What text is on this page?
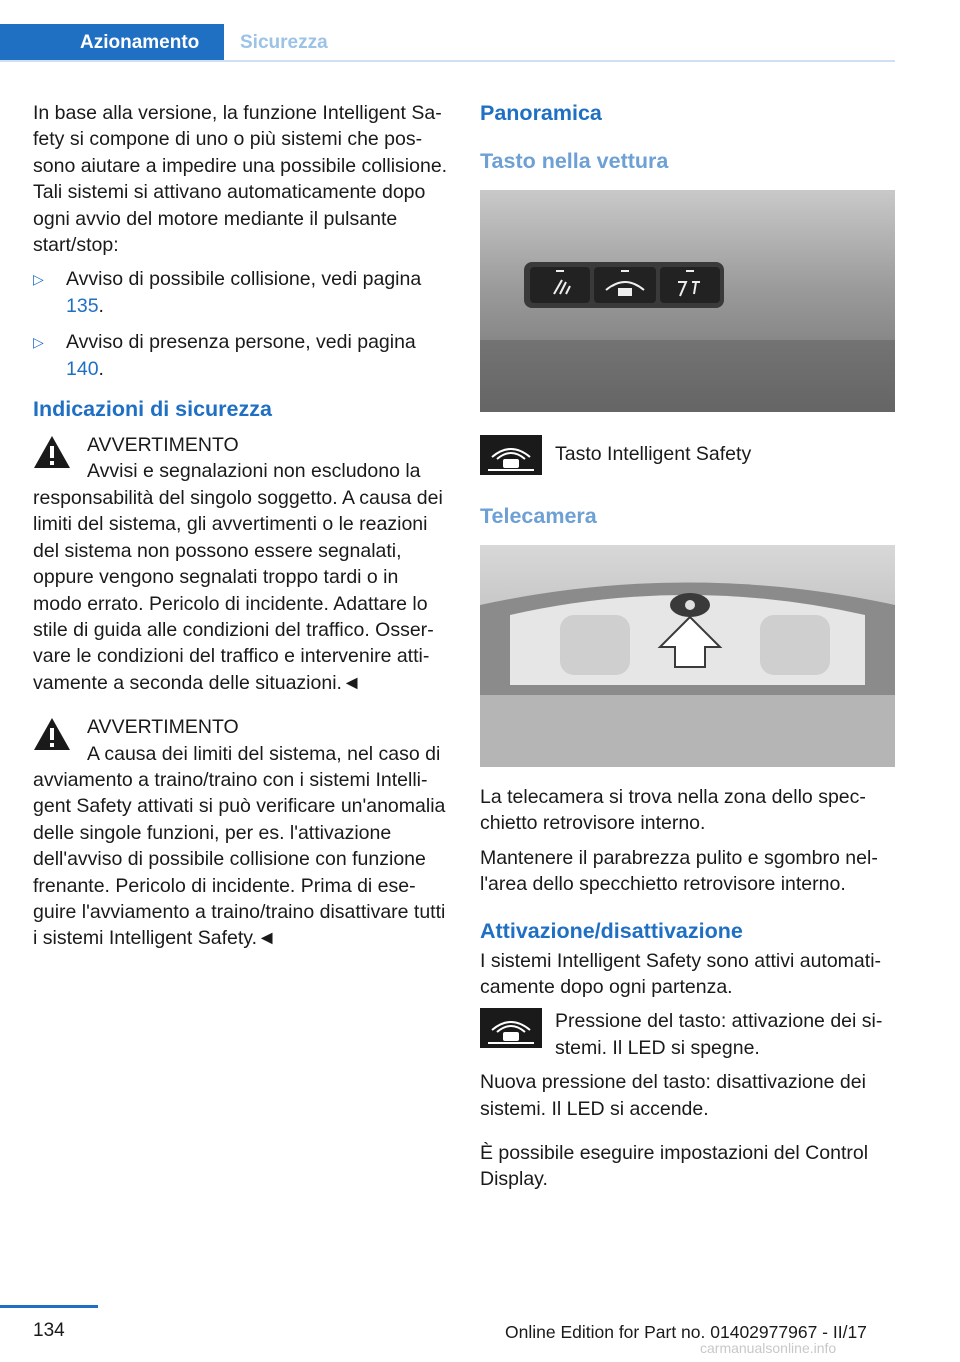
Azionamento	Sicurezza

In base alla versione, la funzione Intelligent Safety si compone di uno o più sistemi che possono aiutare a impedire una possibile collisione. Tali sistemi si attivano automaticamente dopo ogni avvio del motore mediante il pulsante start/stop:

▷ Avviso di possibile collisione, vedi pagina 135.
▷ Avviso di presenza persone, vedi pagina 140.
Indicazioni di sicurezza
AVVERTIMENTO

Avvisi e segnalazioni non escludono la responsabilità del singolo soggetto. A causa dei limiti del sistema, gli avvertimenti o le reazioni del sistema non possono essere segnalati, oppure vengono segnalati troppo tardi o in modo errato. Pericolo di incidente. Adattare lo stile di guida alle condizioni del traffico. Osservare le condizioni del traffico e intervenire attivamente a seconda delle situazioni.◄

AVVERTIMENTO

A causa dei limiti del sistema, nel caso di avviamento a traino/traino con i sistemi Intelligent Safety attivati si può verificare un'anomalia delle singole funzioni, per es. l'attivazione dell'avviso di possibile collisione con funzione frenante. Pericolo di incidente. Prima di eseguire l'avviamento a traino/traino disattivare tutti i sistemi Intelligent Safety.◄

Panoramica
Tasto nella vettura

Tasto Intelligent Safety

Telecamera

La telecamera si trova nella zona dello specchietto retrovisore interno.

Mantenere il parabrezza pulito e sgombro nell'area dello specchietto retrovisore interno.

Attivazione/disattivazione

I sistemi Intelligent Safety sono attivi automaticamente dopo ogni partenza.

Pressione del tasto: attivazione dei sistemi. Il LED si spegne.

Nuova pressione del tasto: disattivazione dei sistemi. Il LED si accende.

È possibile eseguire impostazioni del Control Display.

134	Online Edition for Part no. 01402977967 - II/17
carmanualsonline.info
